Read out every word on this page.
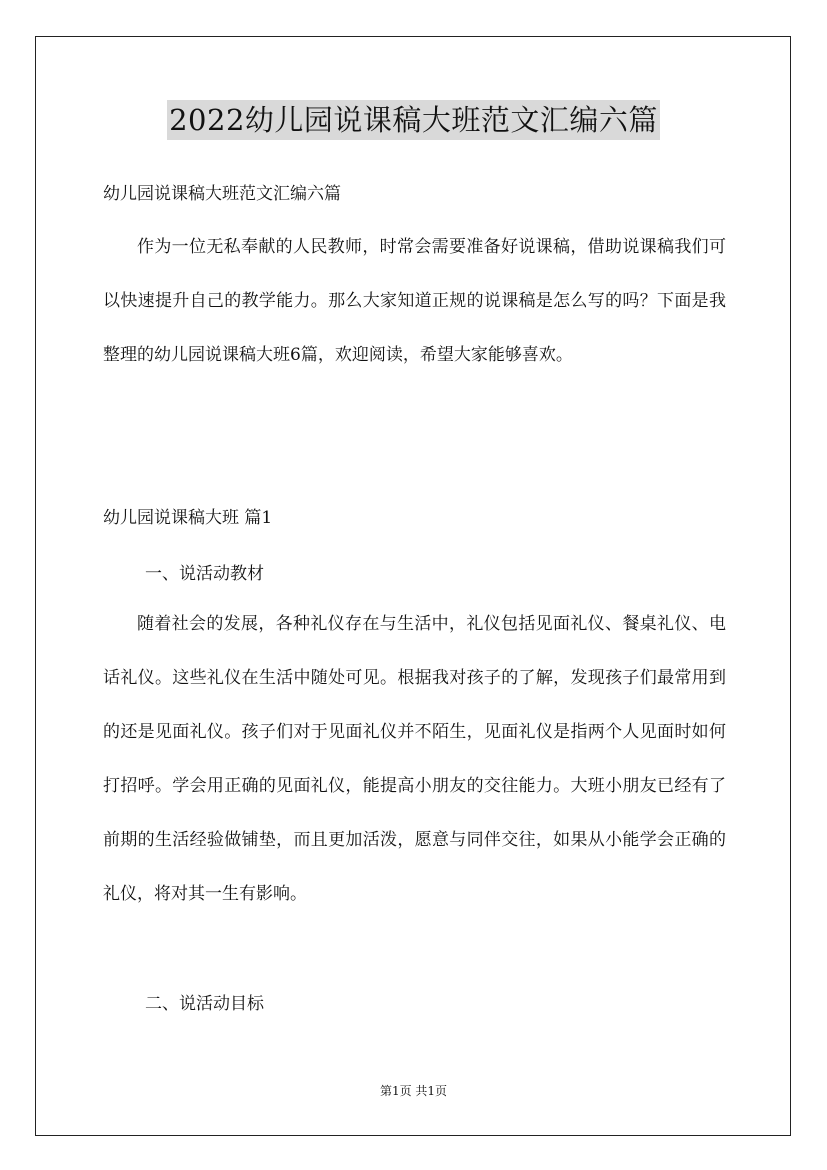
2022幼儿园说课稿大班范文汇编六篇
幼儿园说课稿大班范文汇编六篇

作为一位无私奉献的人民教师，时常会需要准备好说课稿，借助说课稿我们可以快速提升自己的教学能力。那么大家知道正规的说课稿是怎么写的吗？下面是我整理的幼儿园说课稿大班6篇，欢迎阅读，希望大家能够喜欢。

幼儿园说课稿大班 篇1
一、说活动教材

随着社会的发展，各种礼仪存在与生活中，礼仪包括见面礼仪、餐桌礼仪、电话礼仪。这些礼仪在生活中随处可见。根据我对孩子的了解，发现孩子们最常用到的还是见面礼仪。孩子们对于见面礼仪并不陌生，见面礼仪是指两个人见面时如何打招呼。学会用正确的见面礼仪，能提高小朋友的交往能力。大班小朋友已经有了前期的生活经验做铺垫，而且更加活泼，愿意与同伴交往，如果从小能学会正确的礼仪，将对其一生有影响。

二、说活动目标
第1页 共1页
